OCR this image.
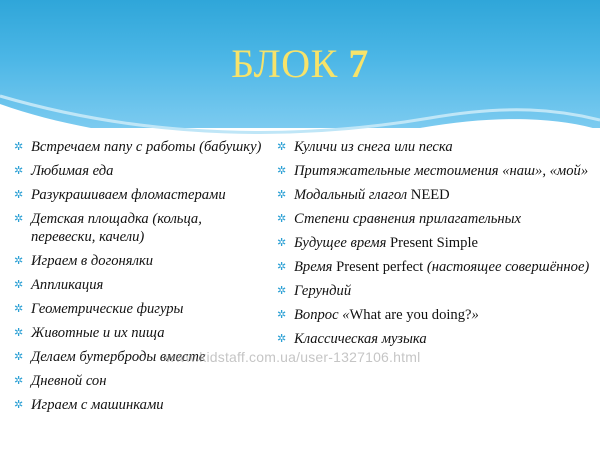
БЛОК 7
✲ Встречаем папу с работы (бабушку)
✲ Любимая еда
✲ Разукрашиваем фломастерами
✲ Детская площадка (кольца, перевески, качели)
✲ Играем в догонялки
✲ Аппликация
✲ Геометрические фигуры
✲ Животные и их пища
✲ Делаем бутерброды вместе
✲ Дневной сон
✲ Играем с машинками
✲ Куличи из снега или песка
✲ Притяжательные местоимения «наш», «мой»
✲ Модальный глагол NEED
✲ Степени сравнения прилагательных
✲ Будущее время Present Simple
✲ Время Present perfect (настоящее совершённое)
✲ Герундий
✲ Вопрос «What are you doing?»
✲ Классическая музыка
www.kidstaff.com.ua/user-1327106.html
